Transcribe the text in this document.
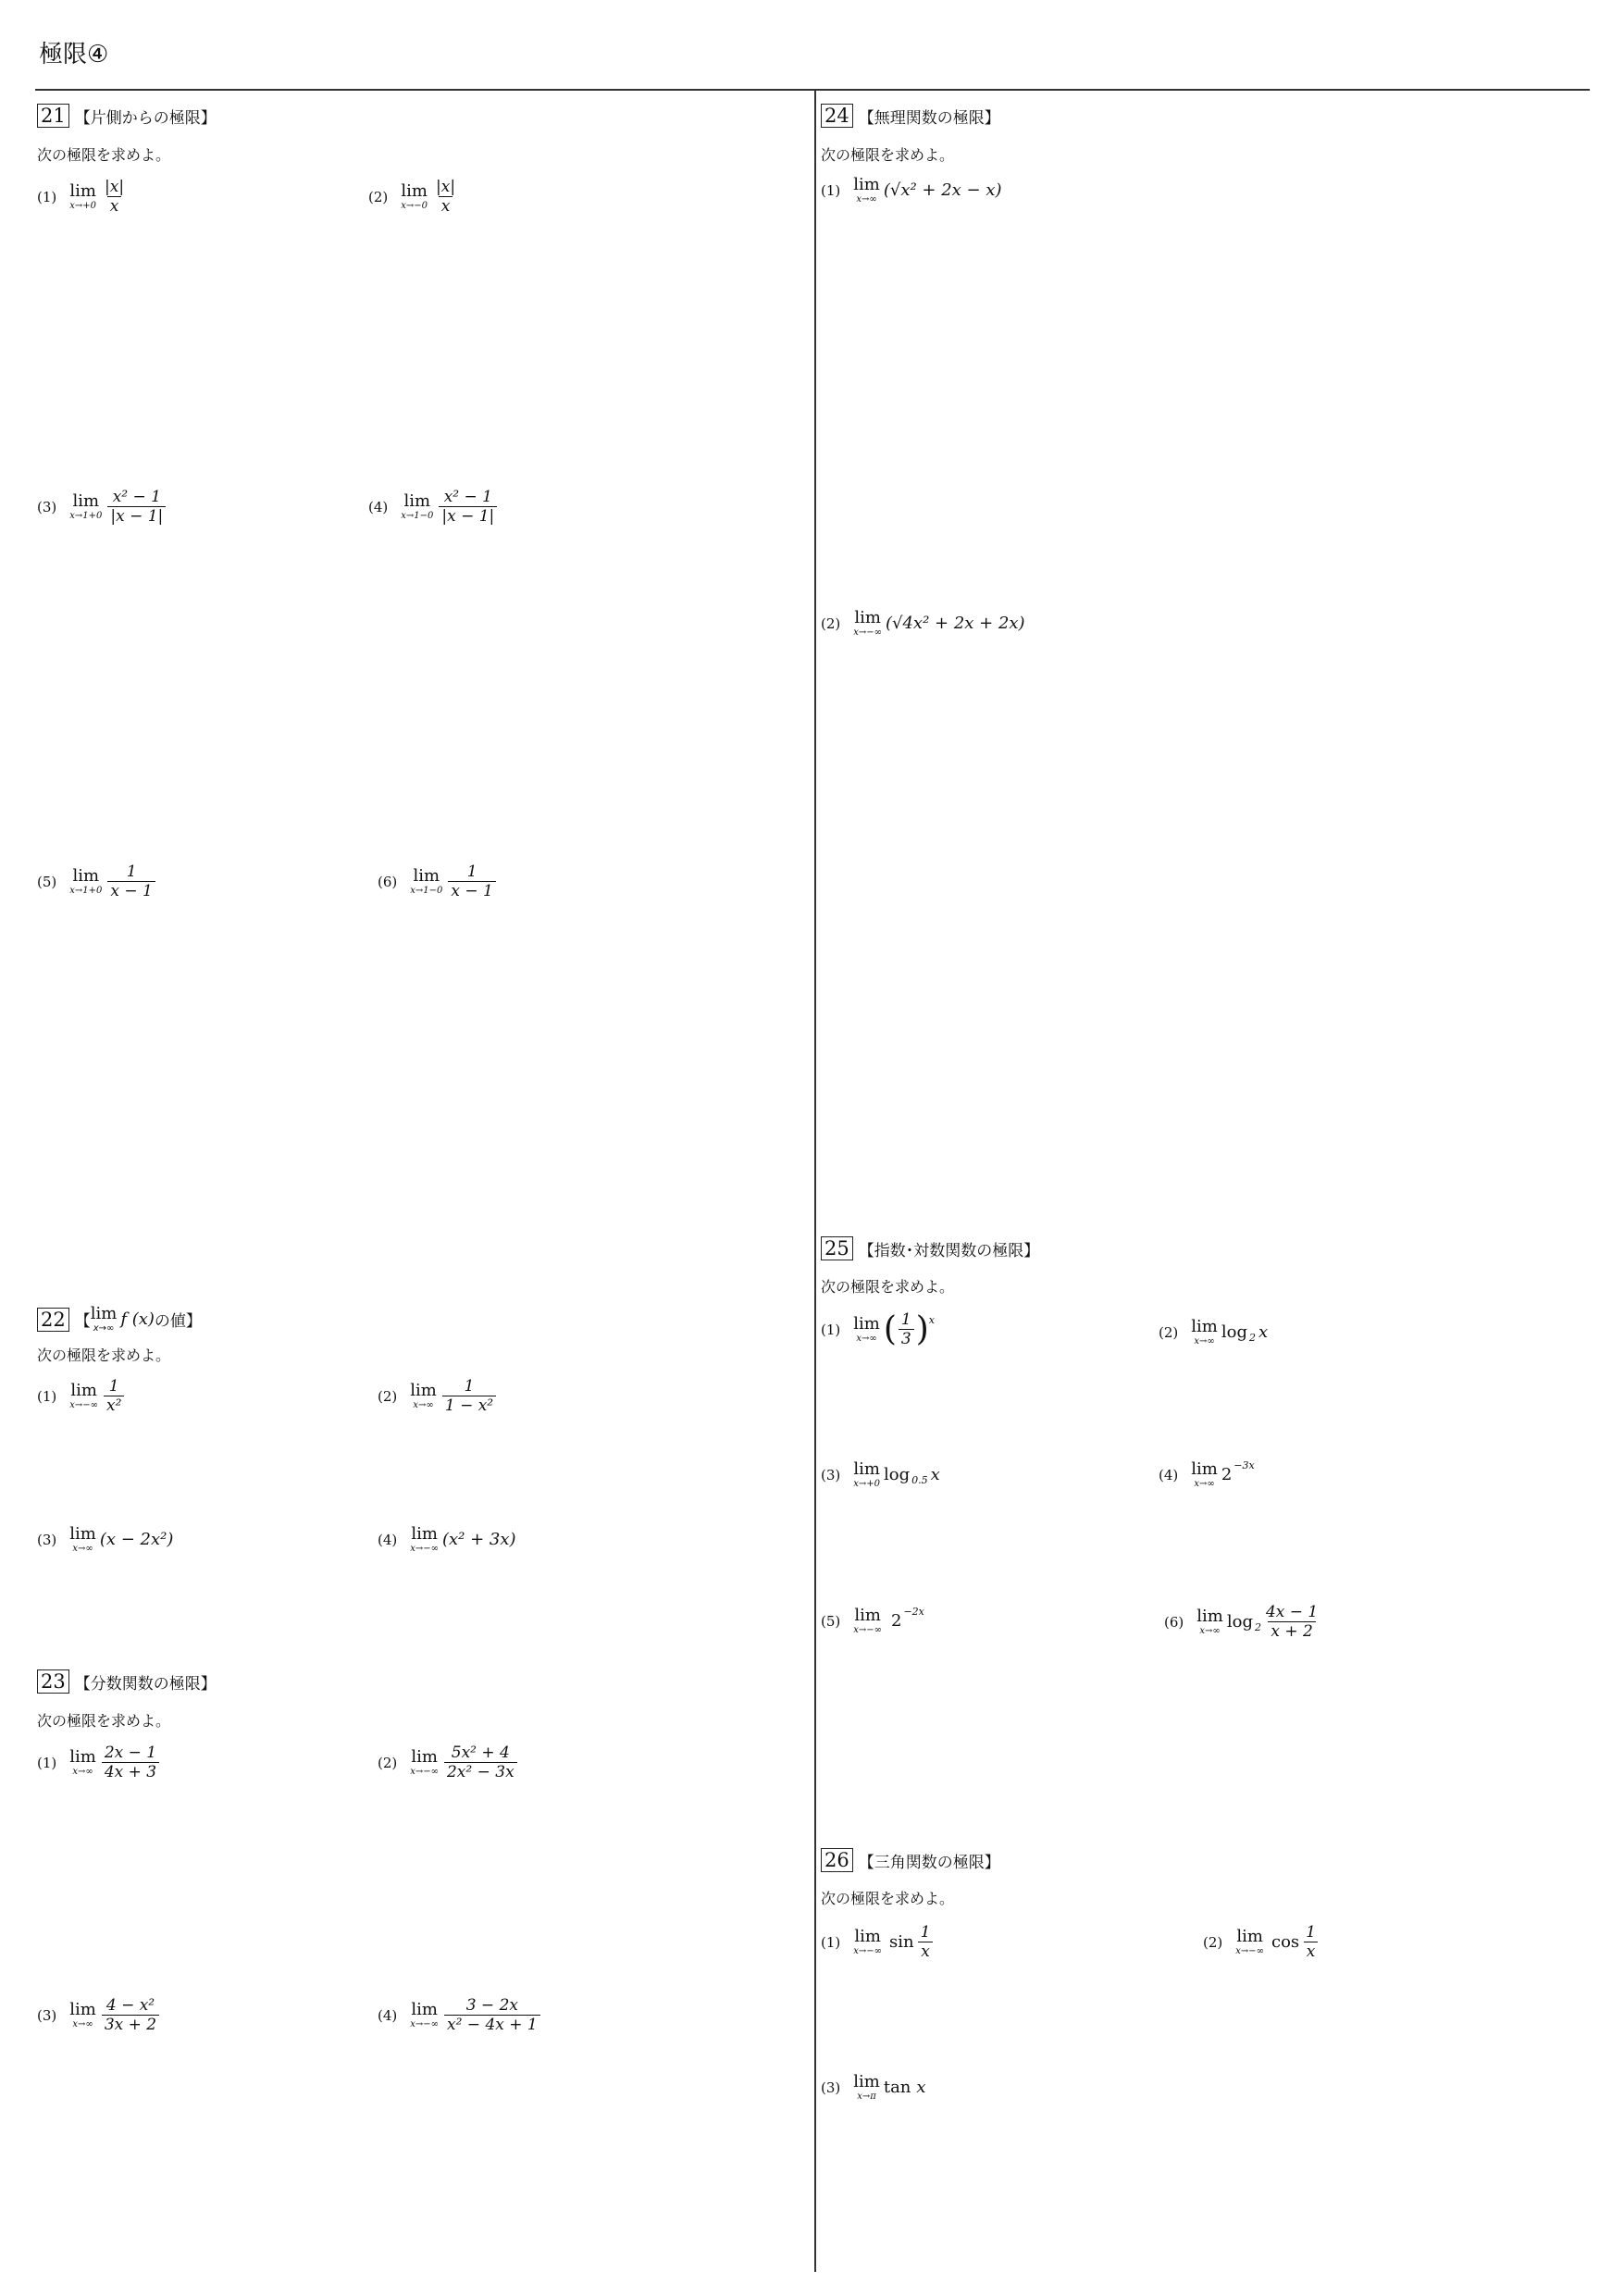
極限④
21 【片側からの極限】
次の極限を求めよ。
(1) lim
$x\to+0 \frac{|x|}{x}$	(2) lim
$x\to-0 \frac{|x|}{x}$
(3) lim
$x\to 1+0 \frac{\text{x² − 1}}{|x - 1|}$	(4) lim
$x\to 1-0 \frac{\text{x² − 1}}{|x - 1|}$
(5) lim
$x\to 1+0 \frac{1}{x - 1}$	(6) lim
$x\to 1-0 \frac{1}{x - 1}$
22 【 lim
x→∞ f (x) の値】
次の極限を求めよ。
(1) lim
$x\to-\infty \frac{1}{\text{x²}}$	(2) lim
$x\to\infty \frac{1}{\text{1 − x²}}$
(3) lim
x→∞ (x − 2x²)	(4) lim
x→−∞ (x² + 3x)
23 【分数関数の極限】
次の極限を求めよ。
(1) lim
$x\to\infty \frac{2x - 1}{4x + 3}$	(2) lim
$x\to-\infty \frac{\text{5x² + 4}}{\text{2x² − 3x}}$
(3) lim
$x\to\infty \frac{\text{4 − x²}}{3x + 2}$	(4) lim
$x\to-\infty \frac{3 - 2x}{\text{x² − 4x + 1}}$
24 【無理関数の極限】
次の極限を求めよ。
(1) lim
x→∞ (√x² + 2x − x)
(2) lim
x→−∞ (√4x² + 2x + 2x)
25 【指数･対数関数の極限】
次の極限を求めよ。
(1) lim
x→∞ ( $\frac{1}{3}$ ) x
(2) lim
x→∞ log 2 x
(3) lim
x→+0 log 0.5 x	(4) lim
x→∞ 2 −3x
(5) lim
x→−∞ 2 −2x
(6) lim
x→∞ $\log 2 \frac{4x - 1}{x + 2}$
26 【三角関数の極限】
次の極限を求めよ。
(1) lim
x→−∞ $\sin \frac{1}{x}$	(2) lim
x→−∞ $\cos \frac{1}{x}$
(3) lim
x→π tan x
